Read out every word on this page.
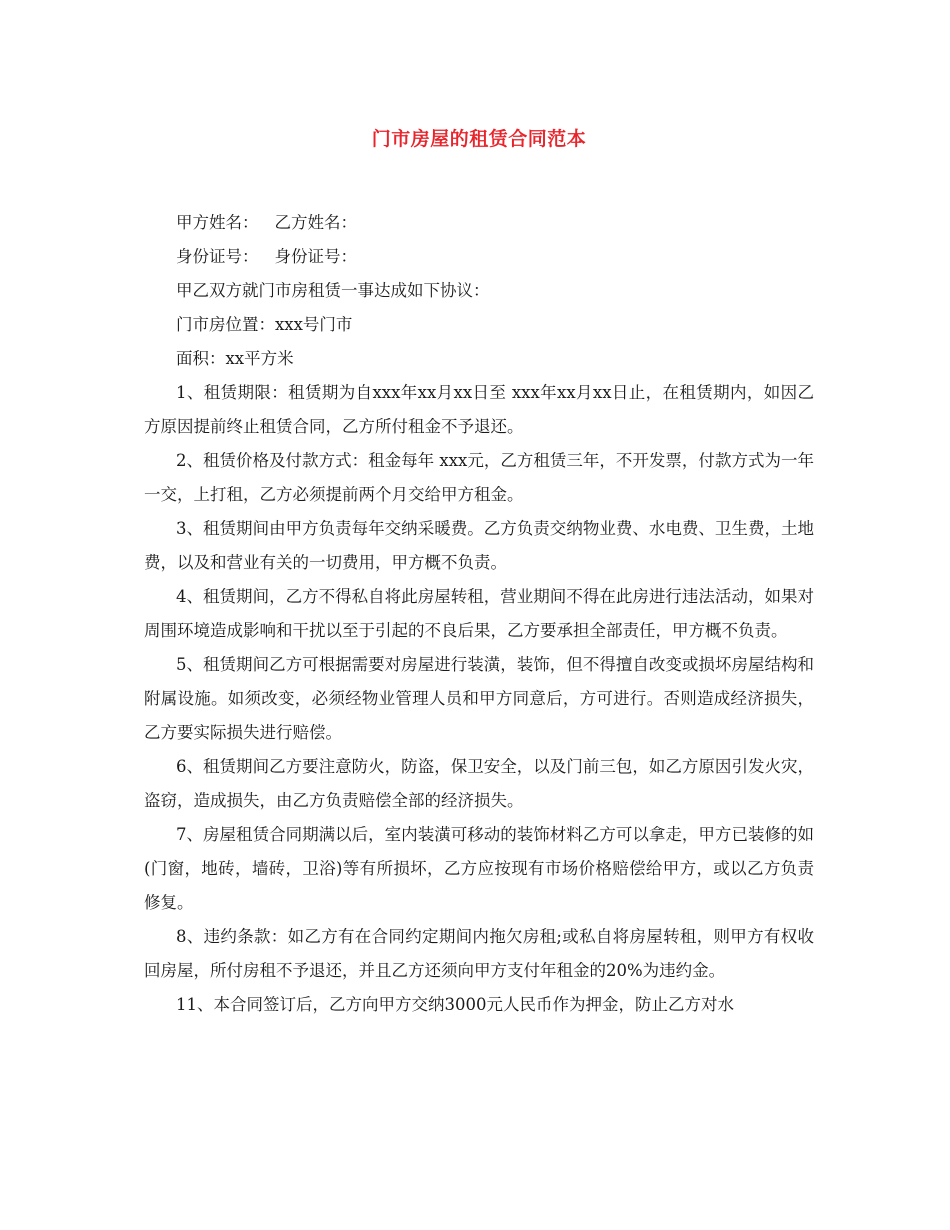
门市房屋的租赁合同范本

甲方姓名： 乙方姓名：

身份证号： 身份证号：

甲乙双方就门市房租赁一事达成如下协议：

门市房位置：xxx号门市

面积：xx平方米

1、租赁期限：租赁期为自xxx年xx月xx日至 xxx年xx月xx日止，在租赁期内，如因乙方原因提前终止租赁合同，乙方所付租金不予退还。

2、租赁价格及付款方式：租金每年 xxx元，乙方租赁三年，不开发票，付款方式为一年一交，上打租，乙方必须提前两个月交给甲方租金。

3、租赁期间由甲方负责每年交纳采暖费。乙方负责交纳物业费、水电费、卫生费，土地费，以及和营业有关的一切费用，甲方概不负责。

4、租赁期间，乙方不得私自将此房屋转租，营业期间不得在此房进行违法活动，如果对周围环境造成影响和干扰以至于引起的不良后果，乙方要承担全部责任，甲方概不负责。

5、租赁期间乙方可根据需要对房屋进行装潢，装饰，但不得擅自改变或损坏房屋结构和附属设施。如须改变，必须经物业管理人员和甲方同意后，方可进行。否则造成经济损失，乙方要实际损失进行赔偿。

6、租赁期间乙方要注意防火，防盗，保卫安全，以及门前三包，如乙方原因引发火灾，盗窃，造成损失，由乙方负责赔偿全部的经济损失。

7、房屋租赁合同期满以后，室内装潢可移动的装饰材料乙方可以拿走，甲方已装修的如(门窗，地砖，墙砖，卫浴)等有所损坏，乙方应按现有市场价格赔偿给甲方，或以乙方负责修复。

8、违约条款：如乙方有在合同约定期间内拖欠房租;或私自将房屋转租，则甲方有权收回房屋，所付房租不予退还，并且乙方还须向甲方支付年租金的20%为违约金。

11、本合同签订后，乙方向甲方交纳3000元人民币作为押金，防止乙方对水
